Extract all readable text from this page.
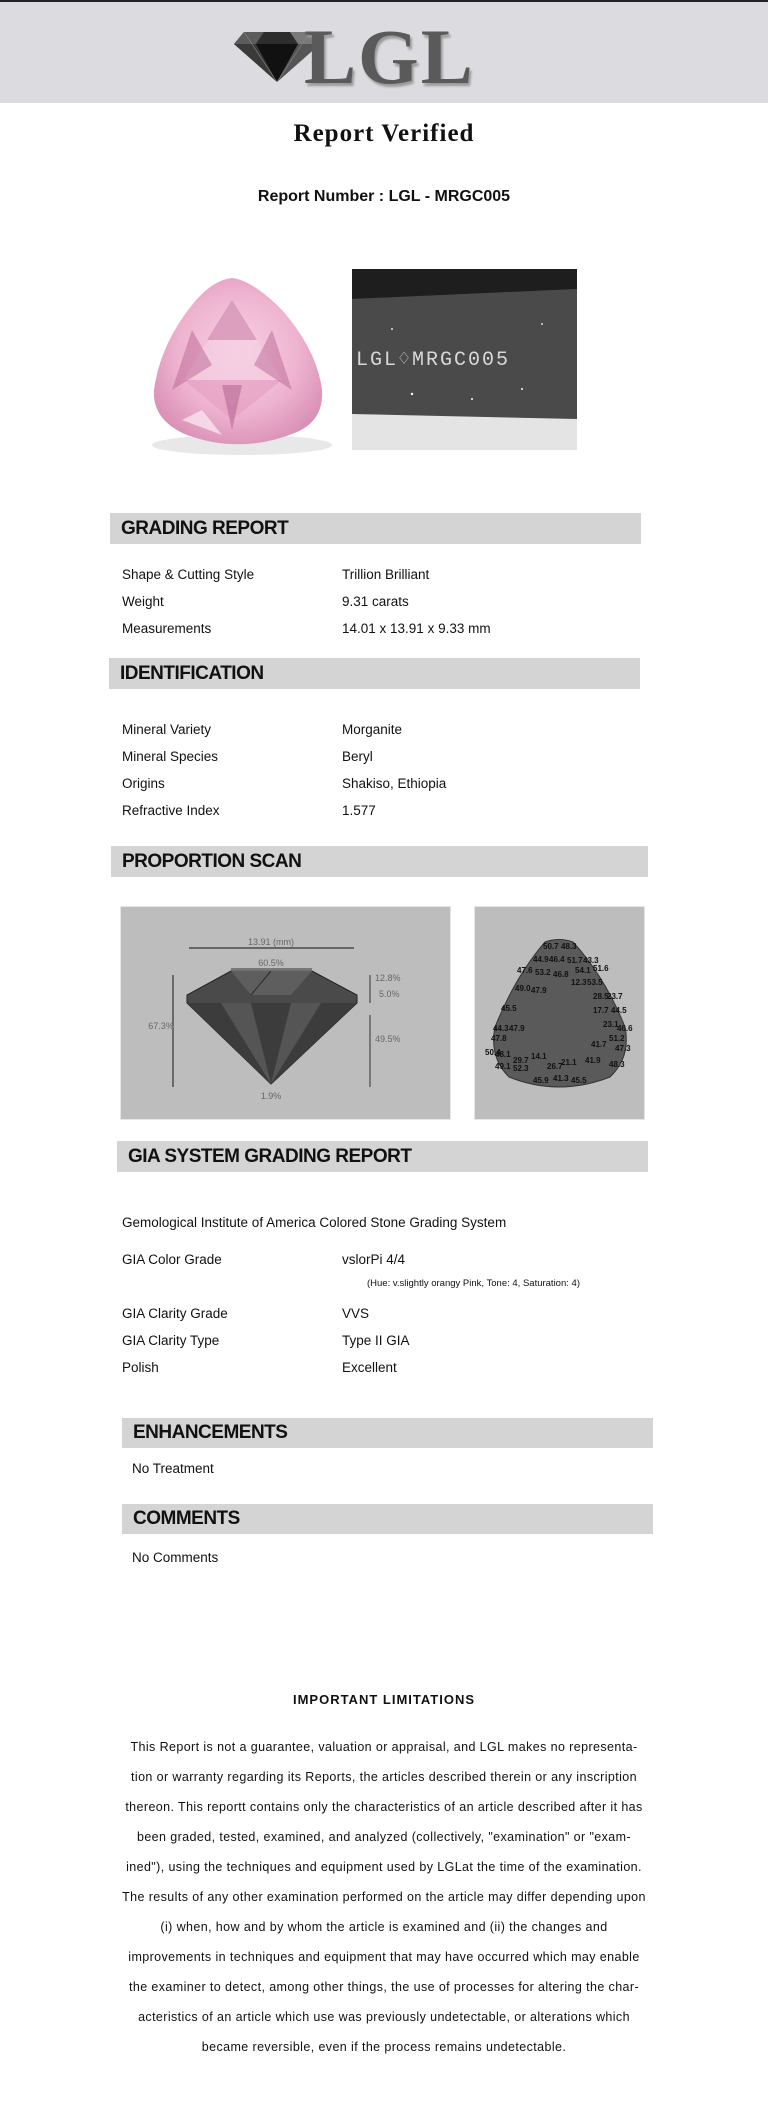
LGL
Report Verified
Report Number : LGL - MRGC005
LGL♢MRGC005
GRADING REPORT
Shape & Cutting Style	Trillion Brilliant
Weight	9.31 carats
Measurements	14.01 x 13.91 x 9.33 mm
IDENTIFICATION
Mineral Variety	Morganite
Mineral Species	Beryl
Origins	Shakiso, Ethiopia
Refractive Index	1.577
PROPORTION SCAN
13.91 (mm)
60.5%
67.3%
12.8%
5.0%
49.5%
1.9%
50.7 48.3
44.9 46.4 51.7 43.3
47.6 53.2 46.8 54.1 51.6
12.3 53.5
49.0 47.9
28.5
23.7
45.5	17.7 44.5
23.1
44.3 47.9
47.8
46.6
51.2
41.7 47.3
50.4	14.1
29.7
48.1
49.1 52.3 26.7
21.1 41.9
45.9 41.3 45.5
48.3
GIA SYSTEM GRADING REPORT
Gemological Institute of America Colored Stone Grading System
GIA Color Grade	vslorPi 4/4
(Hue: v.slightly orangy Pink, Tone: 4, Saturation: 4)
GIA Clarity Grade	VVS
GIA Clarity Type	Type II GIA
Polish	Excellent
ENHANCEMENTS
No Treatment
COMMENTS
No Comments
IMPORTANT LIMITATIONS
This Report is not a guarantee, valuation or appraisal, and LGL makes no representa-tion or warranty regarding its Reports, the articles described therein or any inscription thereon. This reportt contains only the characteristics of an article described after it has been graded, tested, examined, and analyzed (collectively, "examination" or "exam-ined"), using the techniques and equipment used by LGLat the time of the examination. The results of any other examination performed on the article may differ depending upon (i) when, how and by whom the article is examined and (ii) the changes and improvements in techniques and equipment that may have occurred which may enable the examiner to detect, among other things, the use of processes for altering the char-acteristics of an article which use was previously undetectable, or alterations which became reversible, even if the process remains undetectable.
